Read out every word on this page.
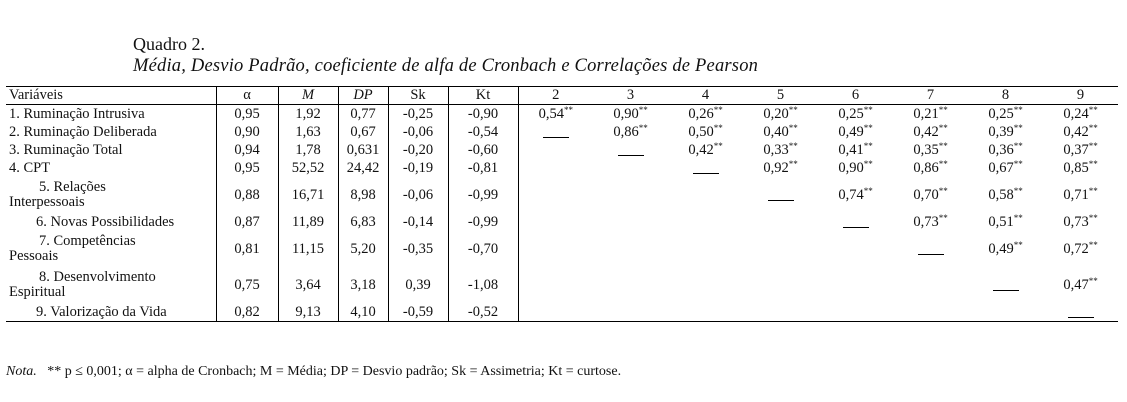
Quadro 2.
Média, Desvio Padrão, coeficiente de alfa de Cronbach e Correlações de Pearson
Variáveis	α	M	DP	Sk	Kt	2	3	4	5	6	7	8	9
1. Ruminação Intrusiva	0,95	1,92	0,77	-0,25	-0,90	0,54**	0,90**	0,26**	0,20**	0,25**	0,21**	0,25**	0,24**
2. Ruminação Deliberada	0,90	1,63	0,67	-0,06	-0,54		0,86**	0,50**	0,40**	0,49**	0,42**	0,39**	0,42**
3. Ruminação Total	0,94	1,78	0,631	-0,20	-0,60			0,42**	0,33**	0,41**	0,35**	0,36**	0,37**
4. CPT	0,95	52,52	24,42	-0,19	-0,81				0,92**	0,90**	0,86**	0,67**	0,85**

5. Relações
Interpessoais	0,88	16,71	8,98	-0,06	-0,99					0,74**	0,70**	0,58**	0,71**
6. Novas Possibilidades	0,87	11,89	6,83	-0,14	-0,99						0,73**	0,51**	0,73**

7. Competências
Pessoais	0,81	11,15	5,20	-0,35	-0,70							0,49**	0,72**

8. Desenvolvimento
Espiritual	0,75	3,64	3,18	0,39	-1,08								0,47**
9. Valorização da Vida	0,82	9,13	4,10	-0,59	-0,52								
Nota. ** p ≤ 0,001; α = alpha de Cronbach; M = Média; DP = Desvio padrão; Sk = Assimetria; Kt = curtose.
